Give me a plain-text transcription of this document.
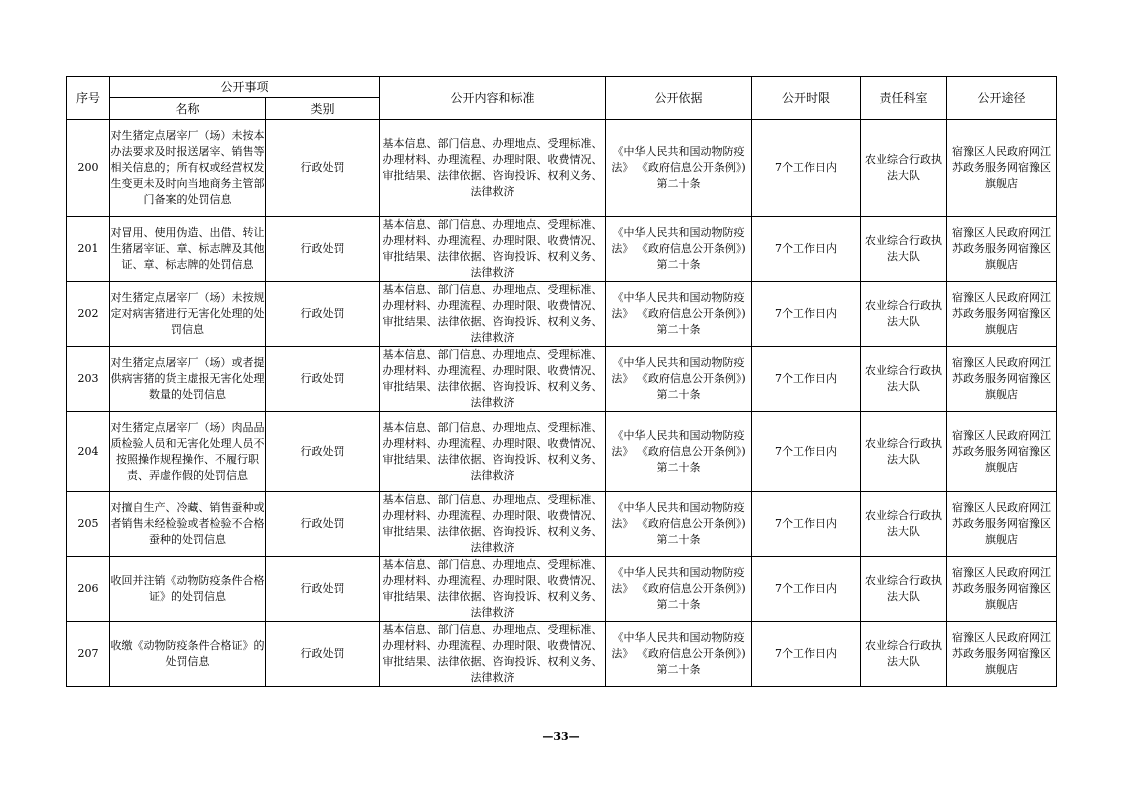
序号	公开事项		公开内容和标准	公开依据	公开时限	责任科室	公开途径
	名称	类别					
200	对生猪定点屠宰厂（场）未按本办法要求及时报送屠宰、销售等相关信息的；所有权或经营权发生变更未及时向当地商务主管部门备案的处罚信息	行政处罚	基本信息、部门信息、办理地点、受理标准、办理材料、办理流程、办理时限、收费情况、审批结果、法律依据、咨询投诉、权利义务、法律救济	《中华人民共和国动物防疫法》 《政府信息公开条例》)第二十条	7个工作日内	农业综合行政执法大队	宿豫区人民政府网江苏政务服务网宿豫区旗舰店
201	对冒用、使用伪造、出借、转让生猪屠宰证、章、标志牌及其他证、章、标志牌的处罚信息	行政处罚	基本信息、部门信息、办理地点、受理标准、办理材料、办理流程、办理时限、收费情况、审批结果、法律依据、咨询投诉、权利义务、法律救济	《中华人民共和国动物防疫法》 《政府信息公开条例》)第二十条	7个工作日内	农业综合行政执法大队	宿豫区人民政府网江苏政务服务网宿豫区旗舰店
202	对生猪定点屠宰厂（场）未按规定对病害猪进行无害化处理的处罚信息	行政处罚	基本信息、部门信息、办理地点、受理标准、办理材料、办理流程、办理时限、收费情况、审批结果、法律依据、咨询投诉、权利义务、法律救济	《中华人民共和国动物防疫法》 《政府信息公开条例》)第二十条	7个工作日内	农业综合行政执法大队	宿豫区人民政府网江苏政务服务网宿豫区旗舰店
203	对生猪定点屠宰厂（场）或者提供病害猪的货主虚报无害化处理数量的处罚信息	行政处罚	基本信息、部门信息、办理地点、受理标准、办理材料、办理流程、办理时限、收费情况、审批结果、法律依据、咨询投诉、权利义务、法律救济	《中华人民共和国动物防疫法》 《政府信息公开条例》)第二十条	7个工作日内	农业综合行政执法大队	宿豫区人民政府网江苏政务服务网宿豫区旗舰店
204	对生猪定点屠宰厂（场）肉品品质检验人员和无害化处理人员不按照操作规程操作、不履行职责、弄虚作假的处罚信息	行政处罚	基本信息、部门信息、办理地点、受理标准、办理材料、办理流程、办理时限、收费情况、审批结果、法律依据、咨询投诉、权利义务、法律救济	《中华人民共和国动物防疫法》 《政府信息公开条例》)第二十条	7个工作日内	农业综合行政执法大队	宿豫区人民政府网江苏政务服务网宿豫区旗舰店
205	对擅自生产、冷藏、销售蚕种或者销售未经检验或者检验不合格蚕种的处罚信息	行政处罚	基本信息、部门信息、办理地点、受理标准、办理材料、办理流程、办理时限、收费情况、审批结果、法律依据、咨询投诉、权利义务、法律救济	《中华人民共和国动物防疫法》 《政府信息公开条例》)第二十条	7个工作日内	农业综合行政执法大队	宿豫区人民政府网江苏政务服务网宿豫区旗舰店
206	收回并注销《动物防疫条件合格证》的处罚信息	行政处罚	基本信息、部门信息、办理地点、受理标准、办理材料、办理流程、办理时限、收费情况、审批结果、法律依据、咨询投诉、权利义务、法律救济	《中华人民共和国动物防疫法》 《政府信息公开条例》)第二十条	7个工作日内	农业综合行政执法大队	宿豫区人民政府网江苏政务服务网宿豫区旗舰店
207	收缴《动物防疫条件合格证》的处罚信息	行政处罚	基本信息、部门信息、办理地点、受理标准、办理材料、办理流程、办理时限、收费情况、审批结果、法律依据、咨询投诉、权利义务、法律救济	《中华人民共和国动物防疫法》 《政府信息公开条例》)第二十条	7个工作日内	农业综合行政执法大队	宿豫区人民政府网江苏政务服务网宿豫区旗舰店
—33—
